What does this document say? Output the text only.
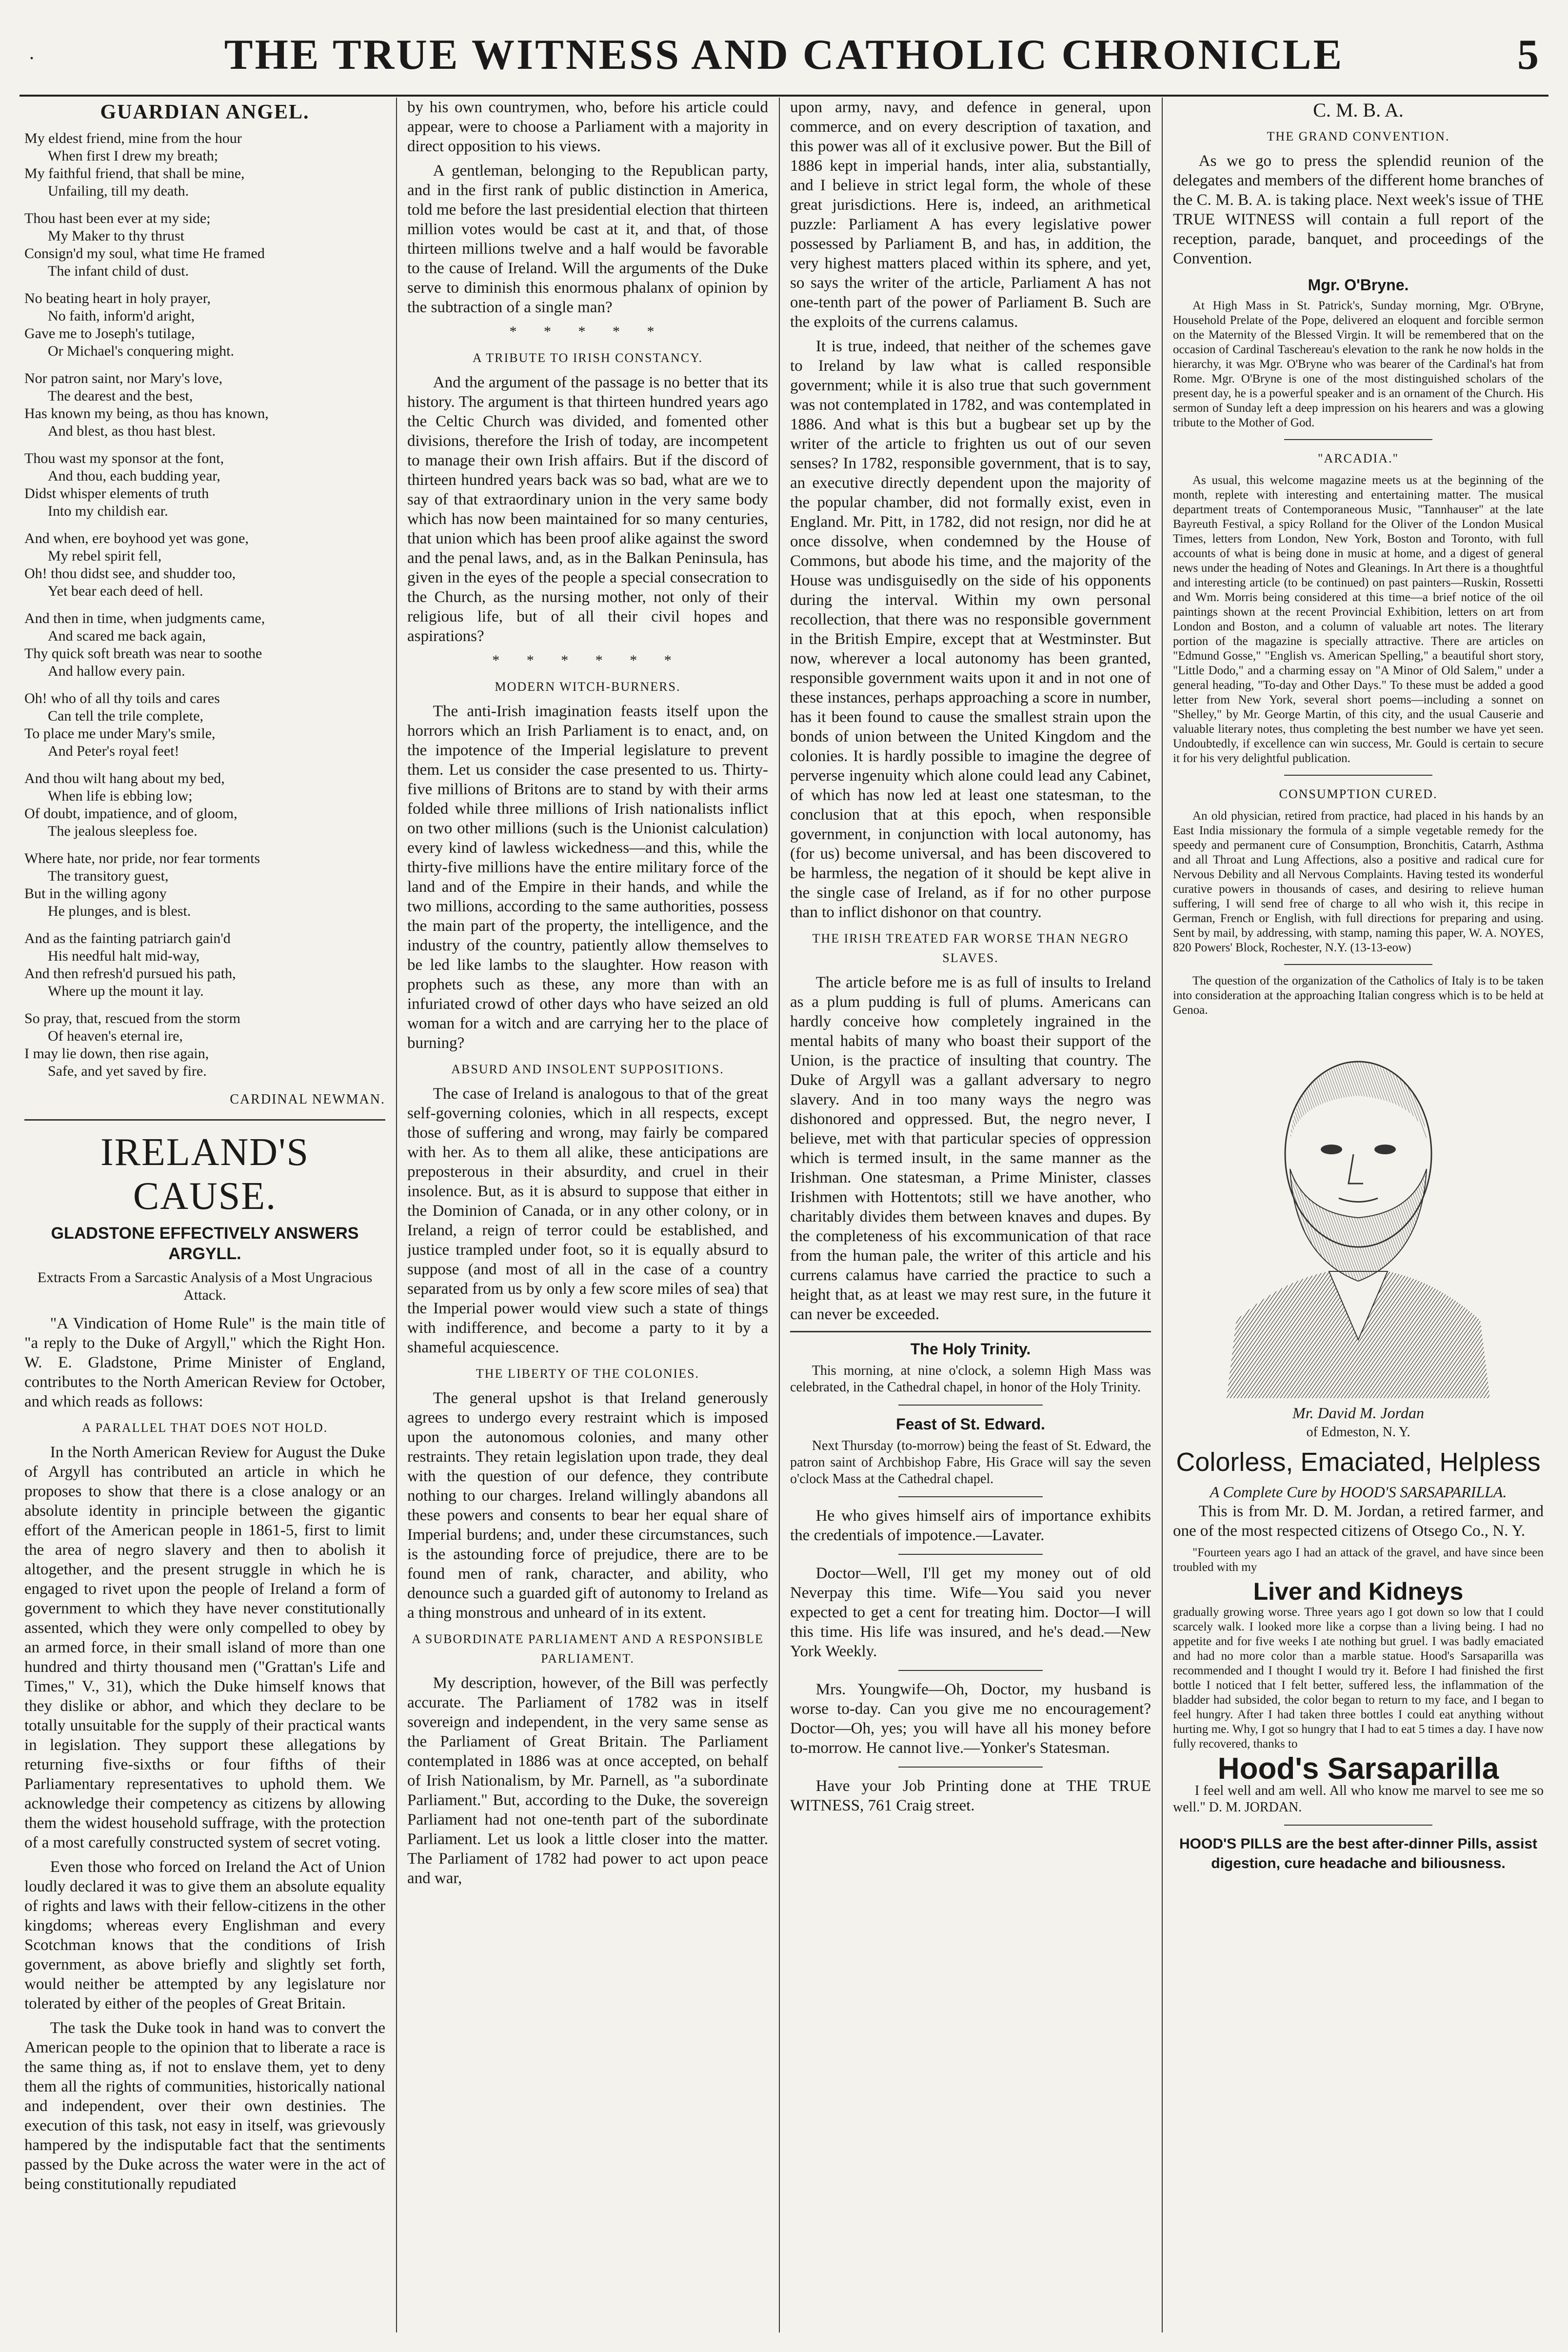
.	THE TRUE WITNESS AND CATHOLIC CHRONICLE	5
GUARDIAN ANGEL.
My eldest friend, mine from the hour
When first I drew my breath;
My faithful friend, that shall be mine,
Unfailing, till my death.
Thou hast been ever at my side;
My Maker to thy thrust
Consign'd my soul, what time He framed
The infant child of dust.
No beating heart in holy prayer,
No faith, inform'd aright,
Gave me to Joseph's tutilage,
Or Michael's conquering might.
Nor patron saint, nor Mary's love,
The dearest and the best,
Has known my being, as thou has known,
And blest, as thou hast blest.
Thou wast my sponsor at the font,
And thou, each budding year,
Didst whisper elements of truth
Into my childish ear.
And when, ere boyhood yet was gone,
My rebel spirit fell,
Oh! thou didst see, and shudder too,
Yet bear each deed of hell.
And then in time, when judgments came,
And scared me back again,
Thy quick soft breath was near to soothe
And hallow every pain.
Oh! who of all thy toils and cares
Can tell the trile complete,
To place me under Mary's smile,
And Peter's royal feet!
And thou wilt hang about my bed,
When life is ebbing low;
Of doubt, impatience, and of gloom,
The jealous sleepless foe.
Where hate, nor pride, nor fear torments
The transitory guest,
But in the willing agony
He plunges, and is blest.
And as the fainting patriarch gain'd
His needful halt mid-way,
And then refresh'd pursued his path,
Where up the mount it lay.
So pray, that, rescued from the storm
Of heaven's eternal ire,
I may lie down, then rise again,
Safe, and yet saved by fire.
CARDINAL NEWMAN.
IRELAND'S CAUSE.
GLADSTONE EFFECTIVELY ANSWERS ARGYLL.
Extracts From a Sarcastic Analysis of a Most Ungracious Attack.

"A Vindication of Home Rule" is the main title of "a reply to the Duke of Argyll," which the Right Hon. W. E. Gladstone, Prime Minister of England, contributes to the North American Review for October, and which reads as follows:

A PARALLEL THAT DOES NOT HOLD.

In the North American Review for August the Duke of Argyll has contributed an article in which he proposes to show that there is a close analogy or an absolute identity in principle between the gigantic effort of the American people in 1861-5, first to limit the area of negro slavery and then to abolish it altogether, and the present struggle in which he is engaged to rivet upon the people of Ireland a form of government to which they have never constitutionally assented, which they were only compelled to obey by an armed force, in their small island of more than one hundred and thirty thousand men ("Grattan's Life and Times," V., 31), which the Duke himself knows that they dislike or abhor, and which they declare to be totally unsuitable for the supply of their practical wants in legislation. They support these allegations by returning five-sixths or four fifths of their Parliamentary representatives to uphold them. We acknowledge their competency as citizens by allowing them the widest household suffrage, with the protection of a most carefully constructed system of secret voting.

Even those who forced on Ireland the Act of Union loudly declared it was to give them an absolute equality of rights and laws with their fellow-citizens in the other kingdoms; whereas every Englishman and every Scotchman knows that the conditions of Irish government, as above briefly and slightly set forth, would neither be attempted by any legislature nor tolerated by either of the peoples of Great Britain.

The task the Duke took in hand was to convert the American people to the opinion that to liberate a race is the same thing as, if not to enslave them, yet to deny them all the rights of communities, historically national and independent, over their own destinies. The execution of this task, not easy in itself, was grievously hampered by the indisputable fact that the sentiments passed by the Duke across the water were in the act of being constitutionally repudiated

by his own countrymen, who, before his article could appear, were to choose a Parliament with a majority in direct opposition to his views.

A gentleman, belonging to the Republican party, and in the first rank of public distinction in America, told me before the last presidential election that thirteen million votes would be cast at it, and that, of those thirteen millions twelve and a half would be favorable to the cause of Ireland. Will the arguments of the Duke serve to diminish this enormous phalanx of opinion by the subtraction of a single man?

* * * * *
A TRIBUTE TO IRISH CONSTANCY.

And the argument of the passage is no better that its history. The argument is that thirteen hundred years ago the Celtic Church was divided, and fomented other divisions, therefore the Irish of today, are incompetent to manage their own Irish affairs. But if the discord of thirteen hundred years back was so bad, what are we to say of that extraordinary union in the very same body which has now been maintained for so many centuries, that union which has been proof alike against the sword and the penal laws, and, as in the Balkan Peninsula, has given in the eyes of the people a special consecration to the Church, as the nursing mother, not only of their religious life, but of all their civil hopes and aspirations?

* * * * * *
MODERN WITCH-BURNERS.

The anti-Irish imagination feasts itself upon the horrors which an Irish Parliament is to enact, and, on the impotence of the Imperial legislature to prevent them. Let us consider the case presented to us. Thirty-five millions of Britons are to stand by with their arms folded while three millions of Irish nationalists inflict on two other millions (such is the Unionist calculation) every kind of lawless wickedness—and this, while the thirty-five millions have the entire military force of the land and of the Empire in their hands, and while the two millions, according to the same authorities, possess the main part of the property, the intelligence, and the industry of the country, patiently allow themselves to be led like lambs to the slaughter. How reason with prophets such as these, any more than with an infuriated crowd of other days who have seized an old woman for a witch and are carrying her to the place of burning?

ABSURD AND INSOLENT SUPPOSITIONS.

The case of Ireland is analogous to that of the great self-governing colonies, which in all respects, except those of suffering and wrong, may fairly be compared with her. As to them all alike, these anticipations are preposterous in their absurdity, and cruel in their insolence. But, as it is absurd to suppose that either in the Dominion of Canada, or in any other colony, or in Ireland, a reign of terror could be established, and justice trampled under foot, so it is equally absurd to suppose (and most of all in the case of a country separated from us by only a few score miles of sea) that the Imperial power would view such a state of things with indifference, and become a party to it by a shameful acquiescence.

THE LIBERTY OF THE COLONIES.

The general upshot is that Ireland generously agrees to undergo every restraint which is imposed upon the autonomous colonies, and many other restraints. They retain legislation upon trade, they deal with the question of our defence, they contribute nothing to our charges. Ireland willingly abandons all these powers and consents to bear her equal share of Imperial burdens; and, under these circumstances, such is the astounding force of prejudice, there are to be found men of rank, character, and ability, who denounce such a guarded gift of autonomy to Ireland as a thing monstrous and unheard of in its extent.

A SUBORDINATE PARLIAMENT AND A RESPONSIBLE PARLIAMENT.

My description, however, of the Bill was perfectly accurate. The Parliament of 1782 was in itself sovereign and independent, in the very same sense as the Parliament of Great Britain. The Parliament contemplated in 1886 was at once accepted, on behalf of Irish Nationalism, by Mr. Parnell, as "a subordinate Parliament." But, according to the Duke, the sovereign Parliament had not one-tenth part of the subordinate Parliament. Let us look a little closer into the matter. The Parliament of 1782 had power to act upon peace and war,

upon army, navy, and defence in general, upon commerce, and on every description of taxation, and this power was all of it exclusive power. But the Bill of 1886 kept in imperial hands, inter alia, substantially, and I believe in strict legal form, the whole of these great jurisdictions. Here is, indeed, an arithmetical puzzle: Parliament A has every legislative power possessed by Parliament B, and has, in addition, the very highest matters placed within its sphere, and yet, so says the writer of the article, Parliament A has not one-tenth part of the power of Parliament B. Such are the exploits of the currens calamus.

It is true, indeed, that neither of the schemes gave to Ireland by law what is called responsible government; while it is also true that such government was not contemplated in 1782, and was contemplated in 1886. And what is this but a bugbear set up by the writer of the article to frighten us out of our seven senses? In 1782, responsible government, that is to say, an executive directly dependent upon the majority of the popular chamber, did not formally exist, even in England. Mr. Pitt, in 1782, did not resign, nor did he at once dissolve, when condemned by the House of Commons, but abode his time, and the majority of the House was undisguisedly on the side of his opponents during the interval. Within my own personal recollection, that there was no responsible government in the British Empire, except that at Westminster. But now, wherever a local autonomy has been granted, responsible government waits upon it and in not one of these instances, perhaps approaching a score in number, has it been found to cause the smallest strain upon the bonds of union between the United Kingdom and the colonies. It is hardly possible to imagine the degree of perverse ingenuity which alone could lead any Cabinet, of which has now led at least one statesman, to the conclusion that at this epoch, when responsible government, in conjunction with local autonomy, has (for us) become universal, and has been discovered to be harmless, the negation of it should be kept alive in the single case of Ireland, as if for no other purpose than to inflict dishonor on that country.

THE IRISH TREATED FAR WORSE THAN NEGRO SLAVES.

The article before me is as full of insults to Ireland as a plum pudding is full of plums. Americans can hardly conceive how completely ingrained in the mental habits of many who boast their support of the Union, is the practice of insulting that country. The Duke of Argyll was a gallant adversary to negro slavery. And in too many ways the negro was dishonored and oppressed. But, the negro never, I believe, met with that particular species of oppression which is termed insult, in the same manner as the Irishman. One statesman, a Prime Minister, classes Irishmen with Hottentots; still we have another, who charitably divides them between knaves and dupes. By the completeness of his excommunication of that race from the human pale, the writer of this article and his currens calamus have carried the practice to such a height that, as at least we may rest sure, in the future it can never be exceeded.

The Holy Trinity.

This morning, at nine o'clock, a solemn High Mass was celebrated, in the Cathedral chapel, in honor of the Holy Trinity.

Feast of St. Edward.

Next Thursday (to-morrow) being the feast of St. Edward, the patron saint of Archbishop Fabre, His Grace will say the seven o'clock Mass at the Cathedral chapel.

He who gives himself airs of importance exhibits the credentials of impotence.—Lavater.

Doctor—Well, I'll get my money out of old Neverpay this time. Wife—You said you never expected to get a cent for treating him. Doctor—I will this time. His life was insured, and he's dead.—New York Weekly.

Mrs. Youngwife—Oh, Doctor, my husband is worse to-day. Can you give me no encouragement? Doctor—Oh, yes; you will have all his money before to-morrow. He cannot live.—Yonker's Statesman.

Have your Job Printing done at THE TRUE WITNESS, 761 Craig street.

C. M. B. A.
THE GRAND CONVENTION.

As we go to press the splendid reunion of the delegates and members of the different home branches of the C. M. B. A. is taking place. Next week's issue of THE TRUE WITNESS will contain a full report of the reception, parade, banquet, and proceedings of the Convention.

Mgr. O'Bryne.

At High Mass in St. Patrick's, Sunday morning, Mgr. O'Bryne, Household Prelate of the Pope, delivered an eloquent and forcible sermon on the Maternity of the Blessed Virgin. It will be remembered that on the occasion of Cardinal Taschereau's elevation to the rank he now holds in the hierarchy, it was Mgr. O'Bryne who was bearer of the Cardinal's hat from Rome. Mgr. O'Bryne is one of the most distinguished scholars of the present day, he is a powerful speaker and is an ornament of the Church. His sermon of Sunday left a deep impression on his hearers and was a glowing tribute to the Mother of God.

"ARCADIA."

As usual, this welcome magazine meets us at the beginning of the month, replete with interesting and entertaining matter. The musical department treats of Contemporaneous Music, "Tannhauser" at the late Bayreuth Festival, a spicy Rolland for the Oliver of the London Musical Times, letters from London, New York, Boston and Toronto, with full accounts of what is being done in music at home, and a digest of general news under the heading of Notes and Gleanings. In Art there is a thoughtful and interesting article (to be continued) on past painters—Ruskin, Rossetti and Wm. Morris being considered at this time—a brief notice of the oil paintings shown at the recent Provincial Exhibition, letters on art from London and Boston, and a column of valuable art notes. The literary portion of the magazine is specially attractive. There are articles on "Edmund Gosse," "English vs. American Spelling," a beautiful short story, "Little Dodo," and a charming essay on "A Minor of Old Salem," under a general heading, "To-day and Other Days." To these must be added a good letter from New York, several short poems—including a sonnet on "Shelley," by Mr. George Martin, of this city, and the usual Causerie and valuable literary notes, thus completing the best number we have yet seen. Undoubtedly, if excellence can win success, Mr. Gould is certain to secure it for his very delightful publication.

CONSUMPTION CURED.

An old physician, retired from practice, had placed in his hands by an East India missionary the formula of a simple vegetable remedy for the speedy and permanent cure of Consumption, Bronchitis, Catarrh, Asthma and all Throat and Lung Affections, also a positive and radical cure for Nervous Debility and all Nervous Complaints. Having tested its wonderful curative powers in thousands of cases, and desiring to relieve human suffering, I will send free of charge to all who wish it, this recipe in German, French or English, with full directions for preparing and using. Sent by mail, by addressing, with stamp, naming this paper, W. A. NOYES, 820 Powers' Block, Rochester, N.Y. (13-13-eow)

The question of the organization of the Catholics of Italy is to be taken into consideration at the approaching Italian congress which is to be held at Genoa.

Mr. David M. Jordan
of Edmeston, N. Y.
Colorless, Emaciated, Helpless
A Complete Cure by HOOD'S SARSAPARILLA.

This is from Mr. D. M. Jordan, a retired farmer, and one of the most respected citizens of Otsego Co., N. Y.

"Fourteen years ago I had an attack of the gravel, and have since been troubled with my

Liver and Kidneys

gradually growing worse. Three years ago I got down so low that I could scarcely walk. I looked more like a corpse than a living being. I had no appetite and for five weeks I ate nothing but gruel. I was badly emaciated and had no more color than a marble statue. Hood's Sarsaparilla was recommended and I thought I would try it. Before I had finished the first bottle I noticed that I felt better, suffered less, the inflammation of the bladder had subsided, the color began to return to my face, and I began to feel hungry. After I had taken three bottles I could eat anything without hurting me. Why, I got so hungry that I had to eat 5 times a day. I have now fully recovered, thanks to

Hood's Sarsaparilla

I feel well and am well. All who know me marvel to see me so well." D. M. JORDAN.

HOOD'S PILLS are the best after-dinner Pills, assist digestion, cure headache and biliousness.
